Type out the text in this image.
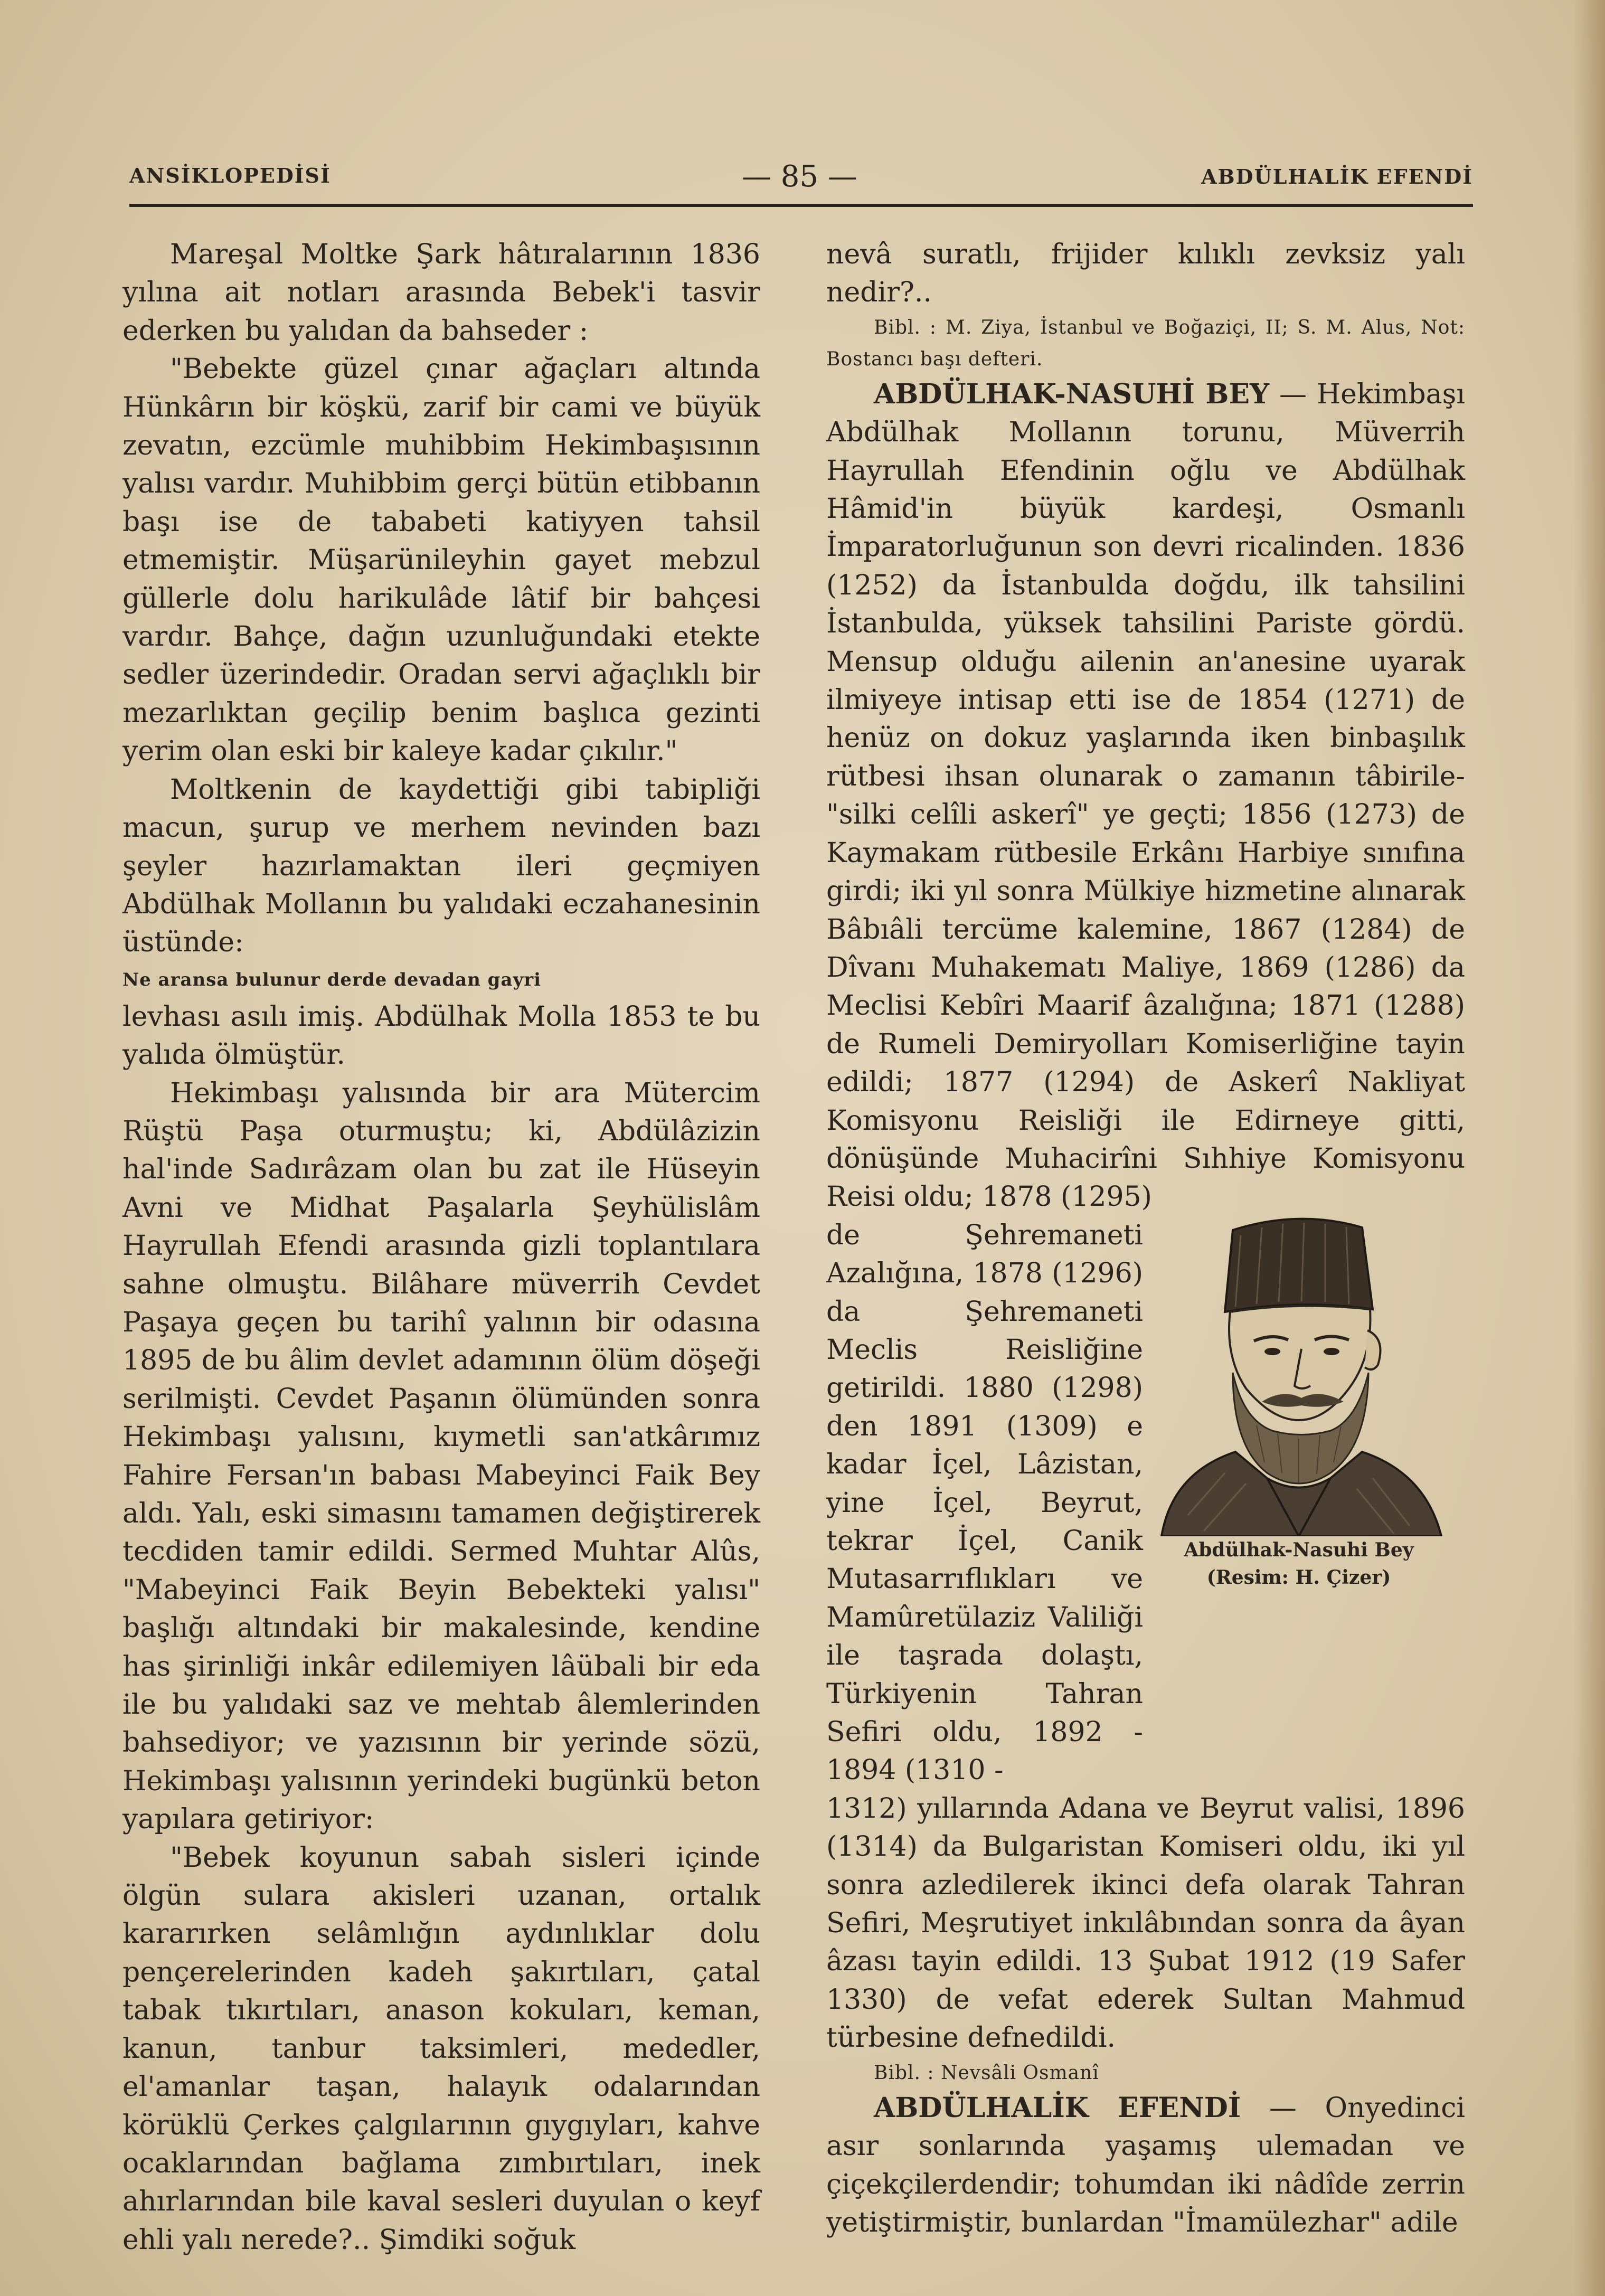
ANSİKLOPEDİSİ	— 85 —	ABDÜLHALİK EFENDİ

Mareşal Moltke Şark hâtıralarının 1836 yılına ait notları arasında Bebek'i tasvir ederken bu yalıdan da bahseder :

"Bebekte güzel çınar ağaçları altında Hünkârın bir köşkü, zarif bir cami ve büyük zevatın, ezcümle muhibbim Hekimbaşısının yalısı vardır. Muhibbim gerçi bütün etibbanın başı ise de tababeti katiyyen tahsil etmemiştir. Müşarünileyhin gayet mebzul güllerle dolu harikulâde lâtif bir bahçesi vardır. Bahçe, dağın uzunluğundaki etekte sedler üzerindedir. Oradan servi ağaçlıklı bir mezarlıktan geçilip benim başlıca gezinti yerim olan eski bir kaleye kadar çıkılır."

Moltkenin de kaydettiği gibi tabipliği macun, şurup ve merhem nevinden bazı şeyler hazırlamaktan ileri geçmiyen Abdülhak Mollanın bu yalıdaki eczahanesinin üstünde:

Ne aransa bulunur derde devadan gayri

levhası asılı imiş. Abdülhak Molla 1853 te bu yalıda ölmüştür.

Hekimbaşı yalısında bir ara Mütercim Rüştü Paşa oturmuştu; ki, Abdülâzizin hal'inde Sadırâzam olan bu zat ile Hüseyin Avni ve Midhat Paşalarla Şeyhülislâm Hayrullah Efendi arasında gizli toplantılara sahne olmuştu. Bilâhare müverrih Cevdet Paşaya geçen bu tarihî yalının bir odasına 1895 de bu âlim devlet adamının ölüm döşeği serilmişti. Cevdet Paşanın ölümünden sonra Hekimbaşı yalısını, kıymetli san'atkârımız Fahire Fersan'ın babası Mabeyinci Faik Bey aldı. Yalı, eski simasını tamamen değiştirerek tecdiden tamir edildi. Sermed Muhtar Alûs, "Mabeyinci Faik Beyin Bebekteki yalısı" başlığı altındaki bir makalesinde, kendine has şirinliği inkâr edilemiyen lâübali bir eda ile bu yalıdaki saz ve mehtab âlemlerinden bahsediyor; ve yazısının bir yerinde sözü, Hekimbaşı yalısının yerindeki bugünkü beton yapılara getiriyor:

"Bebek koyunun sabah sisleri içinde ölgün sulara akisleri uzanan, ortalık kararırken selâmlığın aydınlıklar dolu pençerelerinden kadeh şakırtıları, çatal tabak tıkırtıları, anason kokuları, keman, kanun, tanbur taksimleri, mededler, el'amanlar taşan, halayık odalarından körüklü Çerkes çalgılarının gıygıyları, kahve ocaklarından bağlama zımbırtıları, inek ahırlarından bile kaval sesleri duyulan o keyf ehli yalı nerede?.. Şimdiki soğuk

nevâ suratlı, frijider kılıklı zevksiz yalı nedir?..

Bibl. : M. Ziya, İstanbul ve Boğaziçi, II; S. M. Alus, Not: Bostancı başı defteri.

ABDÜLHAK-NASUHİ BEY — Hekimbaşı Abdülhak Mollanın torunu, Müverrih Hayrullah Efendinin oğlu ve Abdülhak Hâmid'in büyük kardeşi, Osmanlı İmparatorluğunun son devri ricalinden. 1836 (1252) da İstanbulda doğdu, ilk tahsilini İstanbulda, yüksek tahsilini Pariste gördü. Mensup olduğu ailenin an'anesine uyarak ilmiyeye intisap etti ise de 1854 (1271) de henüz on dokuz yaşlarında iken binbaşılık rütbesi ihsan olunarak o zamanın tâbirile- "silki celîli askerî" ye geçti; 1856 (1273) de Kaymakam rütbesile Erkânı Harbiye sınıfına girdi; iki yıl sonra Mülkiye hizmetine alınarak Bâbıâli tercüme kalemine, 1867 (1284) de Dîvanı Muhakematı Maliye, 1869 (1286) da Meclisi Kebîri Maarif âzalığına; 1871 (1288) de Rumeli Demiryolları Komiserliğine tayin edildi; 1877 (1294) de Askerî Nakliyat Komisyonu Reisliği ile Edirneye gitti, dönüşünde Muhacirîni Sıhhiye Komisyonu Reisi oldu; 1878 (1295)

de Şehremaneti Azalığına, 1878 (1296) da Şehremaneti Meclis Reisliğine getirildi. 1880 (1298) den 1891 (1309) e kadar İçel, Lâzistan, yine İçel, Beyrut, tekrar İçel, Canik Mutasarrıflıkları ve Mamûretülaziz Valiliği ile taşrada dolaştı, Türkiyenin Tahran Sefiri oldu, 1892 - 1894 (1310 -

1312) yıllarında Adana ve Beyrut valisi, 1896 (1314) da Bulgaristan Komiseri oldu, iki yıl sonra azledilerek ikinci defa olarak Tahran Sefiri, Meşrutiyet inkılâbından sonra da âyan âzası tayin edildi. 13 Şubat 1912 (19 Safer 1330) de vefat ederek Sultan Mahmud türbesine defnedildi.

Bibl. : Nevsâli Osmanî

ABDÜLHALİK EFENDİ — Onyedinci asır sonlarında yaşamış ulemadan ve çiçekçilerdendir; tohumdan iki nâdîde zerrin yetiştirmiştir, bunlardan "İmamülezhar" adile

Abdülhak-Nasuhi Bey
(Resim: H. Çizer)
